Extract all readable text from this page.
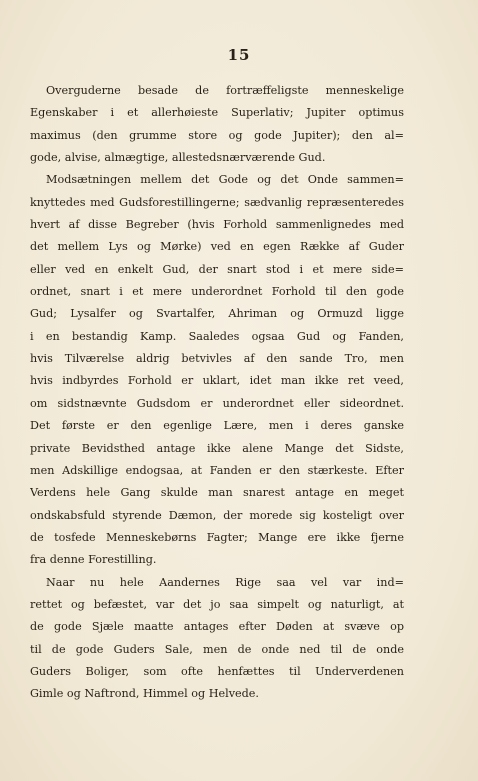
15
Overguderne besade de fortræffeligste menneskelige
Egenskaber i et allerhøieste Superlativ; Jupiter optimus
maximus (den grumme store og gode Jupiter); den al=
gode, alvise, almægtige, allestedsnærværende Gud.
Modsætningen mellem det Gode og det Onde sammen=
knyttedes med Gudsforestillingerne; sædvanlig repræsenteredes
hvert af disse Begreber (hvis Forhold sammenlignedes med
det mellem Lys og Mørke) ved en egen Række af Guder
eller ved en enkelt Gud, der snart stod i et mere side=
ordnet, snart i et mere underordnet Forhold til den gode
Gud; Lysalfer og Svartalfer, Ahriman og Ormuzd ligge
i en bestandig Kamp. Saaledes ogsaa Gud og Fanden,
hvis Tilværelse aldrig betvivles af den sande Tro, men
hvis indbyrdes Forhold er uklart, idet man ikke ret veed,
om sidstnævnte Gudsdom er underordnet eller sideordnet.
Det første er den egenlige Lære, men i deres ganske
private Bevidsthed antage ikke alene Mange det Sidste,
men Adskillige endogsaa, at Fanden er den stærkeste. Efter
Verdens hele Gang skulde man snarest antage en meget
ondskabsfuld styrende Dæmon, der morede sig kosteligt over
de tosfede Menneskebørns Fagter; Mange ere ikke fjerne
fra denne Forestilling.
Naar nu hele Aandernes Rige saa vel var ind=
rettet og befæstet, var det jo saa simpelt og naturligt, at
de gode Sjæle maatte antages efter Døden at svæve op
til de gode Guders Sale, men de onde ned til de onde
Guders Boliger, som ofte henfættes til Underverdenen
Gimle og Naftrond, Himmel og Helvede.
